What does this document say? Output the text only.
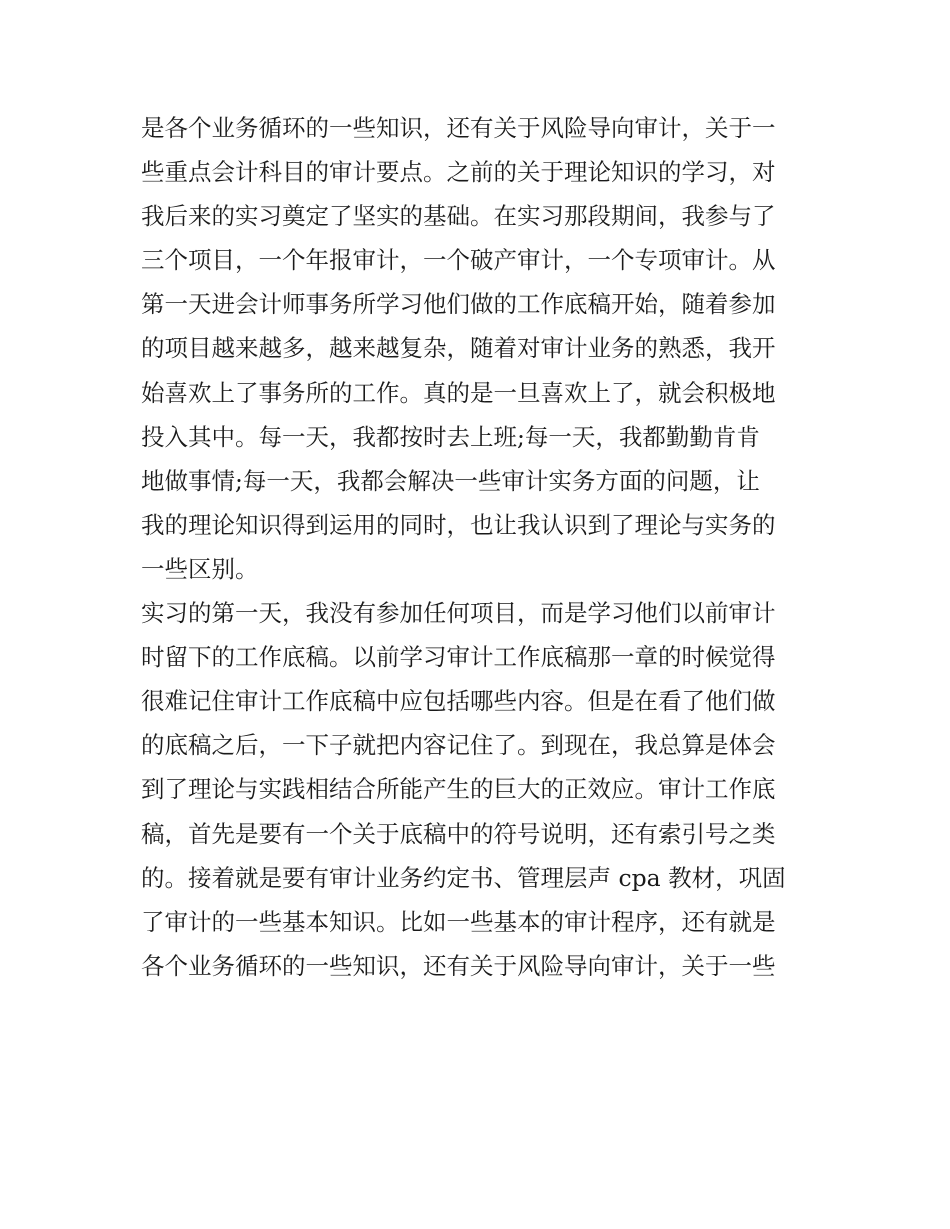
是各个业务循环的一些知识，还有关于风险导向审计，关于一
些重点会计科目的审计要点。之前的关于理论知识的学习，对
我后来的实习奠定了坚实的基础。在实习那段期间，我参与了
三个项目，一个年报审计，一个破产审计，一个专项审计。从
第一天进会计师事务所学习他们做的工作底稿开始，随着参加
的项目越来越多，越来越复杂，随着对审计业务的熟悉，我开
始喜欢上了事务所的工作。真的是一旦喜欢上了，就会积极地
投入其中。每一天，我都按时去上班;每一天，我都勤勤肯肯
地做事情;每一天，我都会解决一些审计实务方面的问题，让
我的理论知识得到运用的同时，也让我认识到了理论与实务的
一些区别。
实习的第一天，我没有参加任何项目，而是学习他们以前审计
时留下的工作底稿。以前学习审计工作底稿那一章的时候觉得
很难记住审计工作底稿中应包括哪些内容。但是在看了他们做
的底稿之后，一下子就把内容记住了。到现在，我总算是体会
到了理论与实践相结合所能产生的巨大的正效应。审计工作底
稿，首先是要有一个关于底稿中的符号说明，还有索引号之类
的。接着就是要有审计业务约定书、管理层声 cpa 教材，巩固
了审计的一些基本知识。比如一些基本的审计程序，还有就是
各个业务循环的一些知识，还有关于风险导向审计，关于一些
